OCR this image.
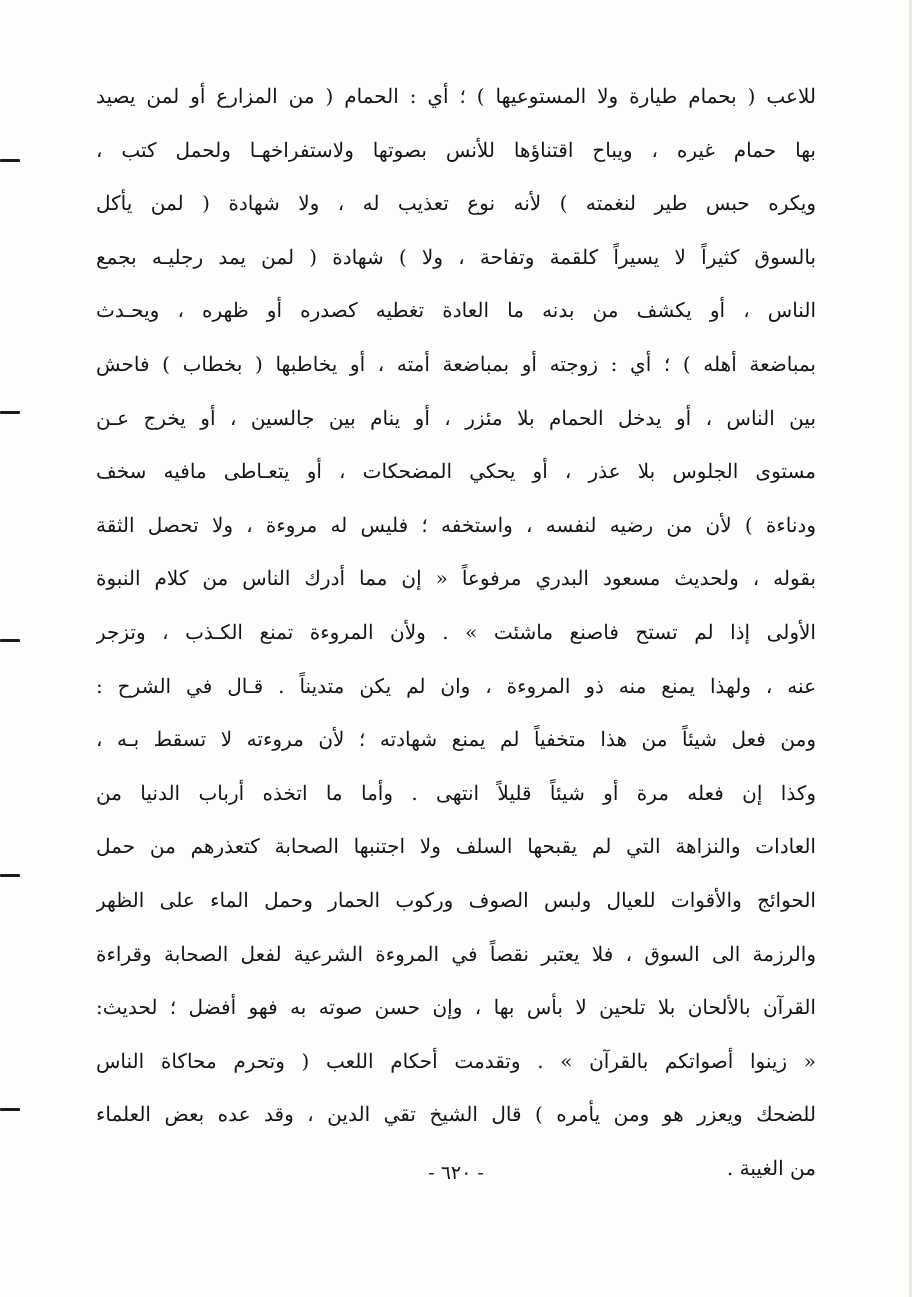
للاعب ( بحمام طيارة ولا المستوعيها ) ؛ أي : الحمام ( من المزارع أو لمن يصيد
بها حمام غيره ، ويباح اقتناؤها للأنس بصوتها ولاستفراخهـا ولحمل كتب ،
ويكره حبس طير لنغمته ) لأنه نوع تعذيب له ، ولا شهادة ( لمن يأكل
بالسوق كثيراً لا يسيراً كلقمة وتفاحة ، ولا ) شهادة ( لمن يمد رجليـه بجمع
الناس ، أو يكشف من بدنه ما العادة تغطيه كصدره أو ظهره ، ويحـدث
بمباضعة أهله ) ؛ أي : زوجته أو بمباضعة أمته ، أو يخاطبها ( بخطاب ) فاحش
بين الناس ، أو يدخل الحمام بلا مئزر ، أو ينام بين جالسين ، أو يخرج عـن
مستوى الجلوس بلا عذر ، أو يحكي المضحكات ، أو يتعـاطى مافيه سخف
ودناءة ) لأن من رضيه لنفسه ، واستخفه ؛ فليس له مروءة ، ولا تحصل الثقة
بقوله ، ولحديث مسعود البدري مرفوعاً « إن مما أدرك الناس من كلام النبوة
الأولى إذا لم تستح فاصنع ماشئت » . ولأن المروءة تمنع الكـذب ، وتزجر
عنه ، ولهذا يمنع منه ذو المروءة ، وان لم يكن متديناً . قـال في الشرح :
ومن فعل شيئاً من هذا متخفياً لم يمنع شهادته ؛ لأن مروءته لا تسقط بـه ،
وكذا إن فعله مرة أو شيئاً قليلاً انتهى . وأما ما اتخذه أرباب الدنيا من
العادات والنزاهة التي لم يقبحها السلف ولا اجتنبها الصحابة كتعذرهم من حمل
الحوائج والأقوات للعيال ولبس الصوف وركوب الحمار وحمل الماء على الظهر
والرزمة الى السوق ، فلا يعتبر نقصاً في المروءة الشرعية لفعل الصحابة وقراءة
القرآن بالألحان بلا تلحين لا بأس بها ، وإن حسن صوته به فهو أفضل ؛ لحديث:
« زينوا أصواتكم بالقرآن » . وتقدمت أحكام اللعب ( وتحرم محاكاة الناس
للضحك ويعزر هو ومن يأمره ) قال الشيخ تقي الدين ، وقد عده بعض العلماء
من الغيبة .
- ٦٢٠ -
